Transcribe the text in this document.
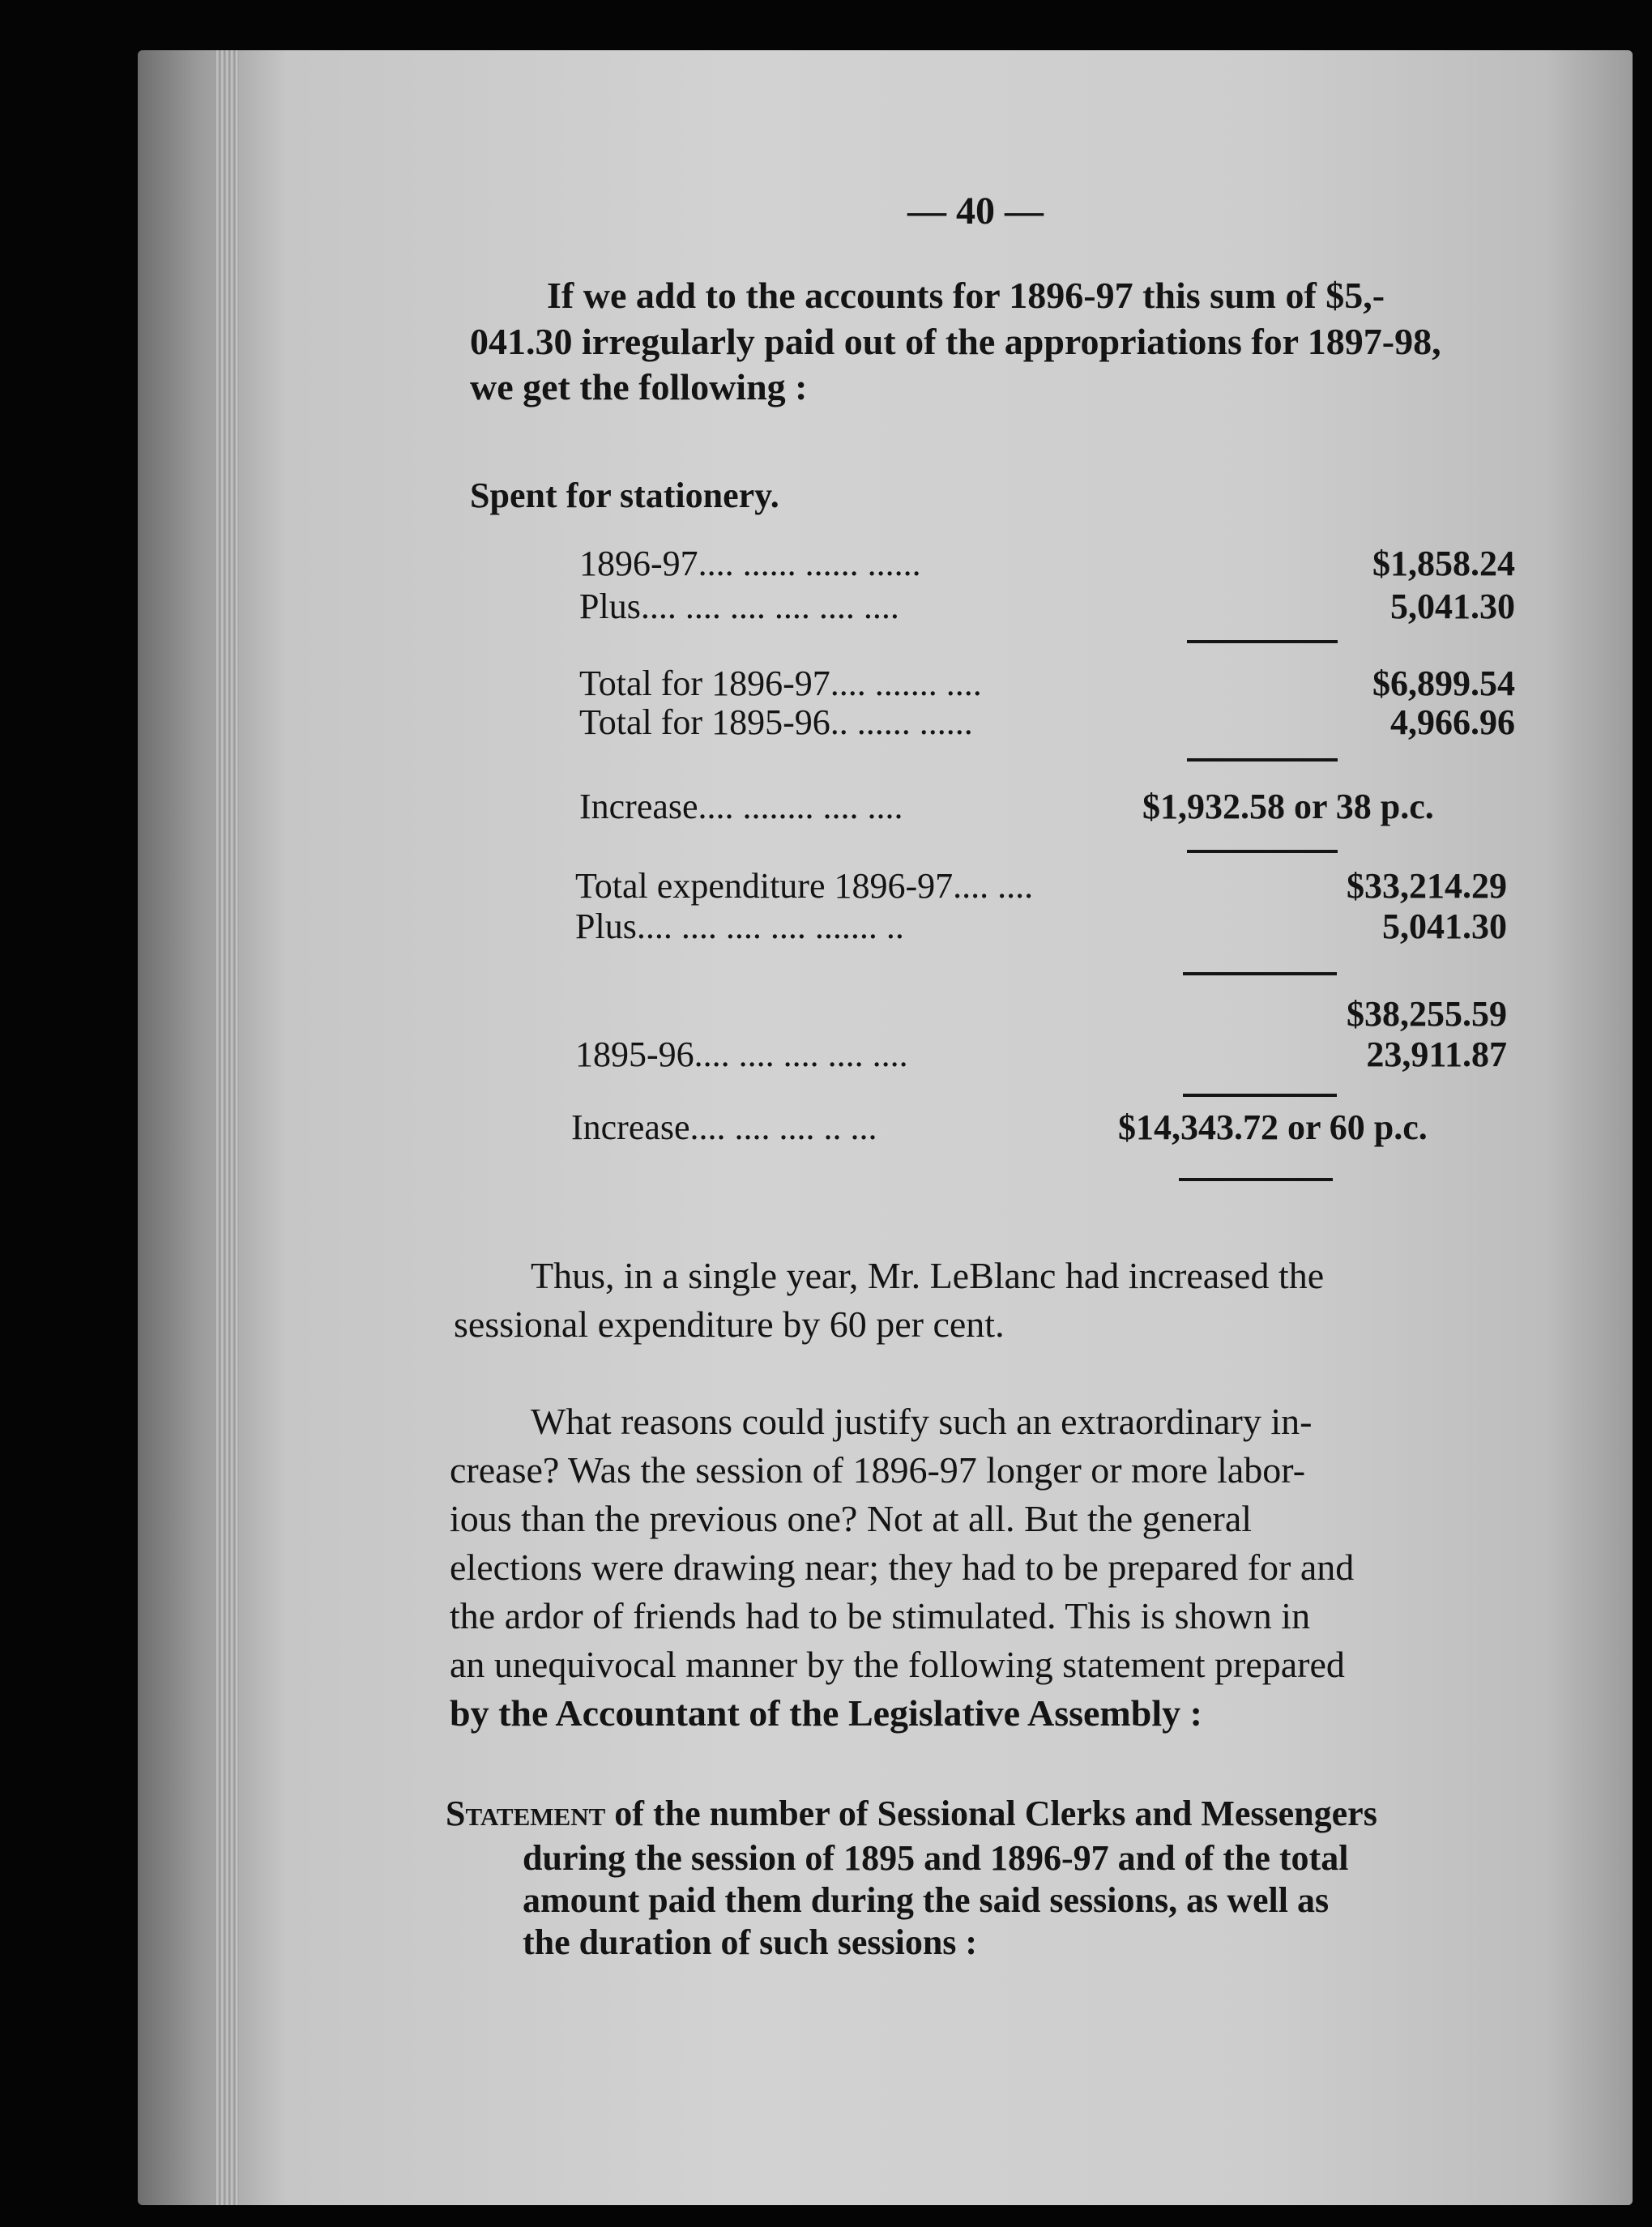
— 40 —
If we add to the accounts for 1896-97 this sum of $5,-
041.30 irregularly paid out of the appropriations for 1897-98,
we get the following :
Spent for stationery.
1896-97.... ...... ...... ......	$1,858.24
Plus.... .... .... .... .... ....	5,041.30
Total for 1896-97.... ....... ....	$6,899.54
Total for 1895-96.. ...... ......	4,966.96
Increase.... ........ .... ....	$1,932.58 or 38 p.c.
Total expenditure 1896-97.... ....	$33,214.29
Plus.... .... .... .... ....... ..	5,041.30
$38,255.59
1895-96.... .... .... .... ....	23,911.87
Increase.... .... .... .. ...	$14,343.72 or 60 p.c.
Thus, in a single year, Mr. LeBlanc had increased the
sessional expenditure by 60 per cent.
What reasons could justify such an extraordinary in-
crease? Was the session of 1896-97 longer or more labor-
ious than the previous one? Not at all. But the general
elections were drawing near; they had to be prepared for and
the ardor of friends had to be stimulated. This is shown in
an unequivocal manner by the following statement prepared
by the Accountant of the Legislative Assembly :
Statement of the number of Sessional Clerks and Messengers
during the session of 1895 and 1896-97 and of the total
amount paid them during the said sessions, as well as
the duration of such sessions :
